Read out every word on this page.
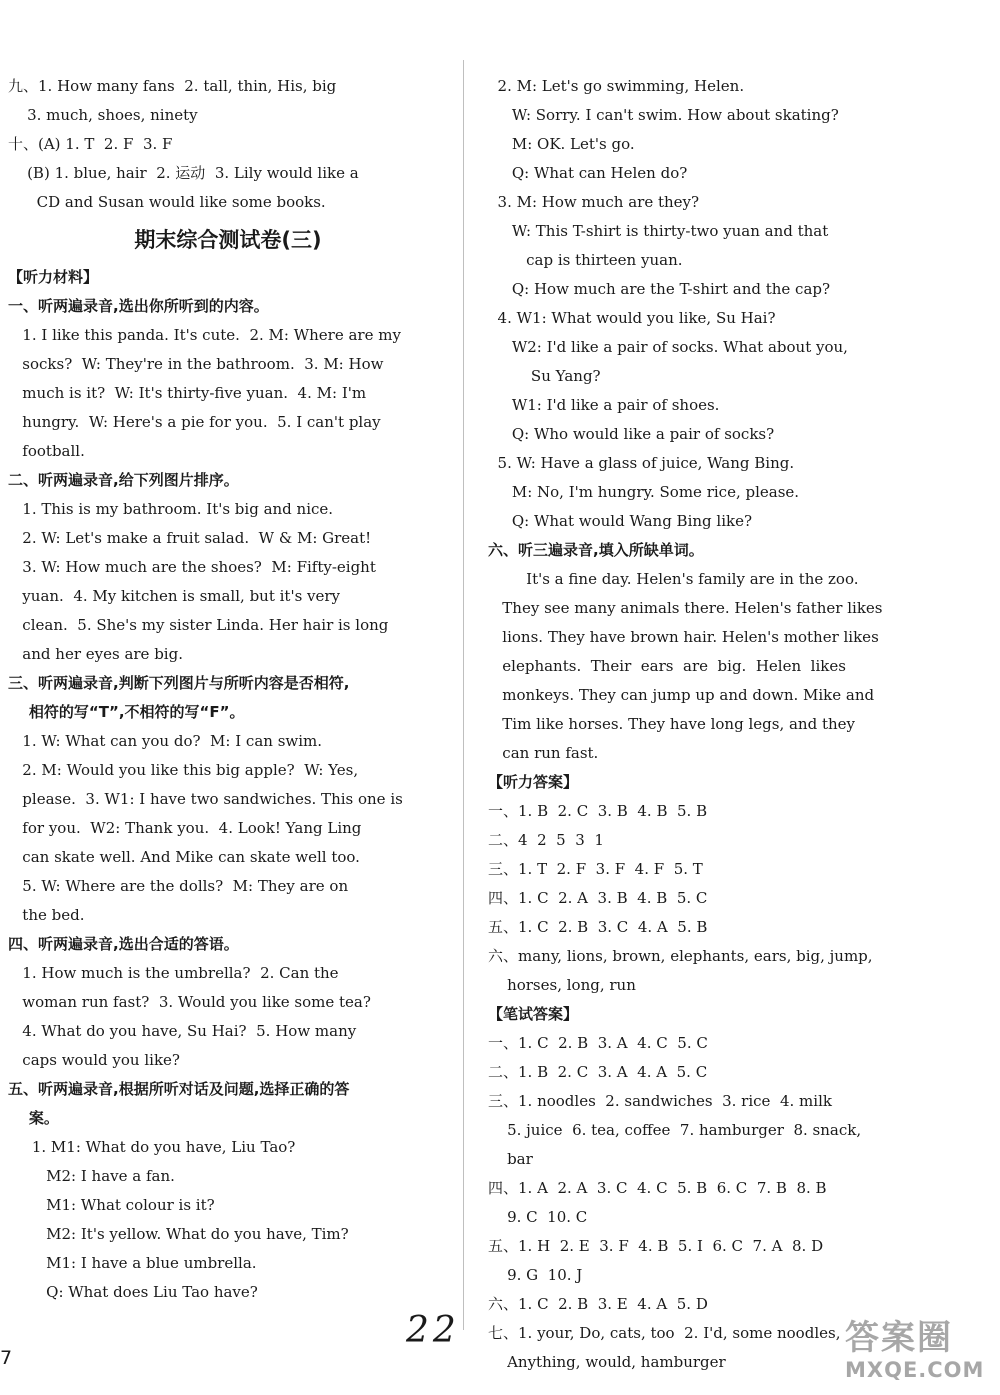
九、1. How many fans  2. tall, thin, His, big
3. much, shoes, ninety
十、(A) 1. T  2. F  3. F
(B) 1. blue, hair  2. 运动  3. Lily would like a
CD and Susan would like some books.
期末综合测试卷(三)
【听力材料】
一、听两遍录音,选出你所听到的内容。
1. I like this panda. It's cute.  2. M: Where are my
socks?  W: They're in the bathroom.  3. M: How
much is it?  W: It's thirty-five yuan.  4. M: I'm
hungry.  W: Here's a pie for you.  5. I can't play
football.
二、听两遍录音,给下列图片排序。
1. This is my bathroom. It's big and nice.
2. W: Let's make a fruit salad.  W & M: Great!
3. W: How much are the shoes?  M: Fifty-eight
yuan.  4. My kitchen is small, but it's very
clean.  5. She's my sister Linda. Her hair is long
and her eyes are big.
三、听两遍录音,判断下列图片与所听内容是否相符,
相符的写“T”,不相符的写“F”。
1. W: What can you do?  M: I can swim.
2. M: Would you like this big apple?  W: Yes,
please.  3. W1: I have two sandwiches. This one is
for you.  W2: Thank you.  4. Look! Yang Ling
can skate well. And Mike can skate well too.
5. W: Where are the dolls?  M: They are on
the bed.
四、听两遍录音,选出合适的答语。
1. How much is the umbrella?  2. Can the
woman run fast?  3. Would you like some tea?
4. What do you have, Su Hai?  5. How many
caps would you like?
五、听两遍录音,根据所听对话及问题,选择正确的答
案。
1. M1: What do you have, Liu Tao?
M2: I have a fan.
M1: What colour is it?
M2: It's yellow. What do you have, Tim?
M1: I have a blue umbrella.
Q: What does Liu Tao have?
2. M: Let's go swimming, Helen.
W: Sorry. I can't swim. How about skating?
M: OK. Let's go.
Q: What can Helen do?
3. M: How much are they?
W: This T-shirt is thirty-two yuan and that
cap is thirteen yuan.
Q: How much are the T-shirt and the cap?
4. W1: What would you like, Su Hai?
W2: I'd like a pair of socks. What about you,
Su Yang?
W1: I'd like a pair of shoes.
Q: Who would like a pair of socks?
5. W: Have a glass of juice, Wang Bing.
M: No, I'm hungry. Some rice, please.
Q: What would Wang Bing like?
六、听三遍录音,填入所缺单词。
It's a fine day. Helen's family are in the zoo.
They see many animals there. Helen's father likes
lions. They have brown hair. Helen's mother likes
elephants.  Their  ears  are  big.  Helen  likes
monkeys. They can jump up and down. Mike and
Tim like horses. They have long legs, and they
can run fast.
【听力答案】
一、1. B  2. C  3. B  4. B  5. B
二、4  2  5  3  1
三、1. T  2. F  3. F  4. F  5. T
四、1. C  2. A  3. B  4. B  5. C
五、1. C  2. B  3. C  4. A  5. B
六、many, lions, brown, elephants, ears, big, jump,
horses, long, run
【笔试答案】
一、1. C  2. B  3. A  4. C  5. C
二、1. B  2. C  3. A  4. A  5. C
三、1. noodles  2. sandwiches  3. rice  4. milk
5. juice  6. tea, coffee  7. hamburger  8. snack,
bar
四、1. A  2. A  3. C  4. C  5. B  6. C  7. B  8. B
9. C  10. C
五、1. H  2. E  3. F  4. B  5. I  6. C  7. A  8. D
9. G  10. J
六、1. C  2. B  3. E  4. A  5. D
七、1. your, Do, cats, too  2. I'd, some noodles,
Anything, would, hamburger
7
22	答案圈
MXQE.COM
